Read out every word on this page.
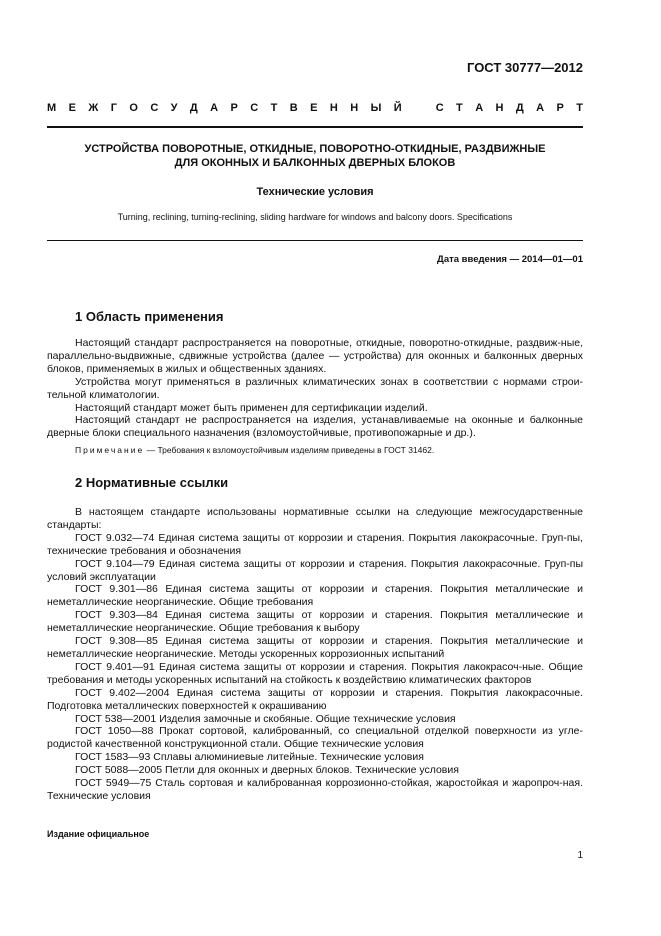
ГОСТ 30777—2012
М Е Ж Г О С У Д А Р С Т В Е Н Н Ы Й
	С Т А Н Д А Р Т
УСТРОЙСТВА ПОВОРОТНЫЕ, ОТКИДНЫЕ, ПОВОРОТНО-ОТКИДНЫЕ, РАЗДВИЖНЫЕ
ДЛЯ ОКОННЫХ И БАЛКОННЫХ ДВЕРНЫХ БЛОКОВ
Технические условия
Turning, reclining, turning-reclining, sliding hardware for windows and balcony doors. Specifications
Дата введения — 2014—01—01
1 Область применения

Настоящий стандарт распространяется на поворотные, откидные, поворотно-откидные, раздвиж-ные, параллельно-выдвижные, сдвижные устройства (далее — устройства) для оконных и балконных дверных блоков, применяемых в жилых и общественных зданиях.

Устройства могут применяться в различных климатических зонах в соответствии с нормами строи-тельной климатологии.

Настоящий стандарт может быть применен для сертификации изделий.

Настоящий стандарт не распространяется на изделия, устанавливаемые на оконные и балконные дверные блоки специального назначения (взломоустойчивые, противопожарные и др.).

Примечание — Требования к взломоустойчивым изделиям приведены в ГОСТ 31462.
2 Нормативные ссылки

В настоящем стандарте использованы нормативные ссылки на следующие межгосударственные стандарты:

ГОСТ 9.032—74 Единая система защиты от коррозии и старения. Покрытия лакокрасочные. Груп-пы, технические требования и обозначения

ГОСТ 9.104—79 Единая система защиты от коррозии и старения. Покрытия лакокрасочные. Груп-пы условий эксплуатации

ГОСТ 9.301—86 Единая система защиты от коррозии и старения. Покрытия металлические и неметаллические неорганические. Общие требования

ГОСТ 9.303—84 Единая система защиты от коррозии и старения. Покрытия металлические и неметаллические неорганические. Общие требования к выбору

ГОСТ 9.308—85 Единая система защиты от коррозии и старения. Покрытия металлические и неметаллические неорганические. Методы ускоренных коррозионных испытаний

ГОСТ 9.401—91 Единая система защиты от коррозии и старения. Покрытия лакокрасоч-ные. Общие требования и методы ускоренных испытаний на стойкость к воздействию климатических факторов

ГОСТ 9.402—2004 Единая система защиты от коррозии и старения. Покрытия лакокрасочные. Подготовка металлических поверхностей к окрашиванию

ГОСТ 538—2001 Изделия замочные и скобяные. Общие технические условия

ГОСТ 1050—88 Прокат сортовой, калиброванный, со специальной отделкой поверхности из угле-родистой качественной конструкционной стали. Общие технические условия

ГОСТ 1583—93 Сплавы алюминиевые литейные. Технические условия

ГОСТ 5088—2005 Петли для оконных и дверных блоков. Технические условия

ГОСТ 5949—75 Сталь сортовая и калиброванная коррозионно-стойкая, жаростойкая и жаропроч-ная. Технические условия

Издание официальное
1
